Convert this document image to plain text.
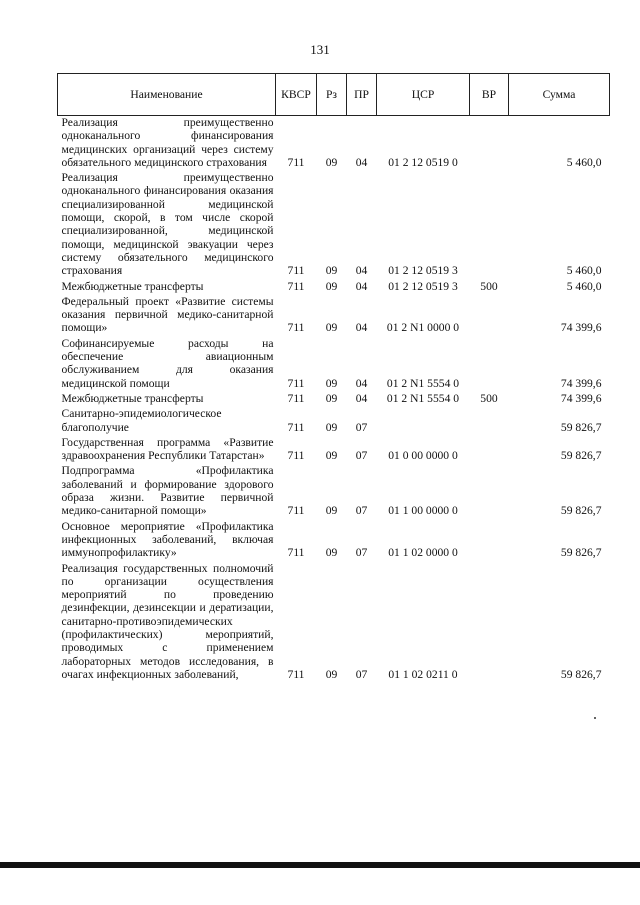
131
Наименование	КВСР	Рз	ПР	ЦСР	ВР	Сумма
Реализация преимущественно одноканального финансирования медицинских организаций через систему обязательного медицинского страхования	711	09	04	01 2 12 0519 0		5 460,0
Реализация преимущественно одноканального финансирования оказания специализированной медицинской помощи, скорой, в том числе скорой специализированной, медицинской помощи, медицинской эвакуации через систему обязательного медицинского страхования	711	09	04	01 2 12 0519 3		5 460,0
Межбюджетные трансферты	711	09	04	01 2 12 0519 3	500	5 460,0
Федеральный проект «Развитие системы оказания первичной медико-санитарной помощи»	711	09	04	01 2 N1 0000 0		74 399,6
Софинансируемые расходы на обеспечение авиационным обслуживанием для оказания медицинской помощи	711	09	04	01 2 N1 5554 0		74 399,6
Межбюджетные трансферты	711	09	04	01 2 N1 5554 0	500	74 399,6
Санитарно-эпидемиологическое благополучие	711	09	07			59 826,7
Государственная программа «Развитие здравоохранения Республики Татарстан»	711	09	07	01 0 00 0000 0		59 826,7
Подпрограмма «Профилактика заболеваний и формирование здорового образа жизни. Развитие первичной медико-санитарной помощи»	711	09	07	01 1 00 0000 0		59 826,7
Основное мероприятие «Профилактика инфекционных заболеваний, включая иммунопрофилактику»	711	09	07	01 1 02 0000 0		59 826,7
Реализация государственных полномочий по организации осуществления мероприятий по проведению дезинфекции, дезинсекции и дератизации, санитарно-противоэпидемических (профилактических) мероприятий, проводимых с применением лабораторных методов исследования, в очагах инфекционных заболеваний,	711	09	07	01 1 02 0211 0		59 826,7
